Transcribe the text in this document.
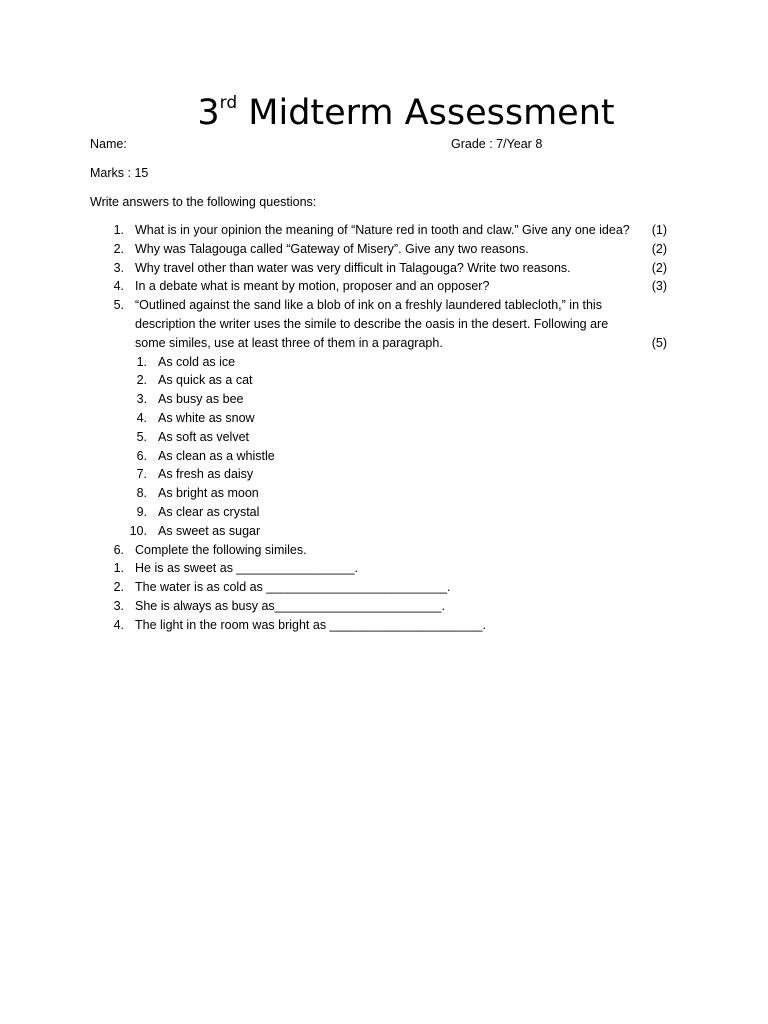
3rd Midterm Assessment
Name:	Grade : 7/Year 8
Marks : 15
Write answers to the following questions:
1. What is in your opinion the meaning of “Nature red in tooth and claw.” Give any one idea?	(1)
2. Why was Talagouga called “Gateway of Misery”. Give any two reasons.	(2)
3. Why travel other than water was very difficult in Talagouga? Write two reasons.	(2)
4. In a debate what is meant by motion, proposer and an opposer?	(3)
5. “Outlined against the sand like a blob of ink on a freshly laundered tablecloth,” in this
description the writer uses the simile to describe the oasis in the desert. Following are
some similes, use at least three of them in a paragraph.	(5)
1. As cold as ice
2. As quick as a cat
3. As busy as bee
4. As white as snow
5. As soft as velvet
6. As clean as a whistle
7. As fresh as daisy
8. As bright as moon
9. As clear as crystal
10. As sweet as sugar
6. Complete the following similes.
1. He is as sweet as _________________.
2. The water is as cold as __________________________.
3. She is always as busy as________________________.
4. The light in the room was bright as ______________________.
